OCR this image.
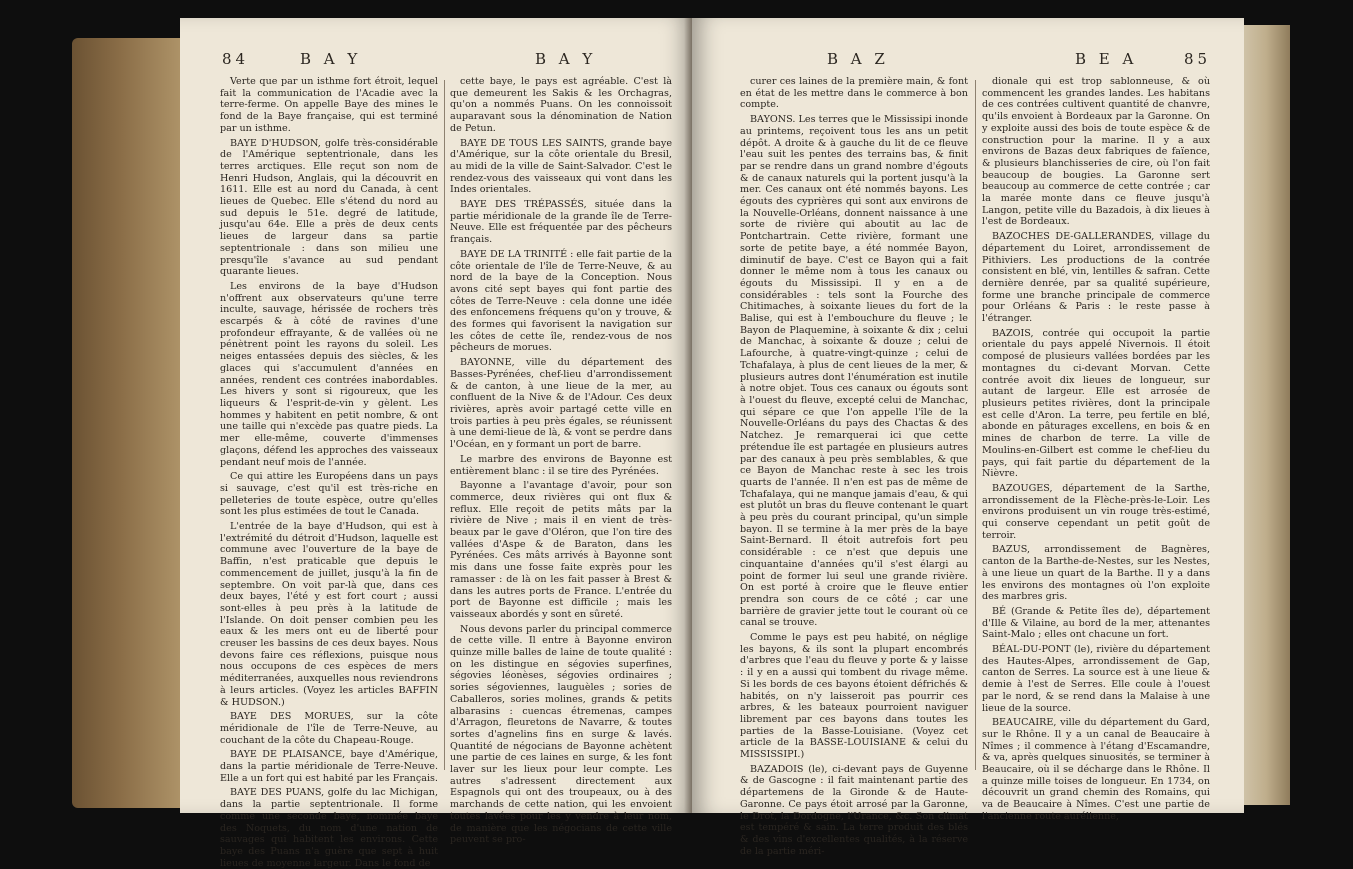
84	B A Y	B A Y

Verte que par un isthme fort étroit, lequel fait la communication de l'Acadie avec la terre-ferme. On appelle Baye des mines le fond de la Baye française, qui est terminé par un isthme.

BAYE D'HUDSON, golfe très-considérable de l'Amérique septentrionale, dans les terres arctiques. Elle reçut son nom de Henri Hudson, Anglais, qui la découvrit en 1611. Elle est au nord du Canada, à cent lieues de Quebec. Elle s'étend du nord au sud depuis le 51e. degré de latitude, jusqu'au 64e. Elle a près de deux cents lieues de largeur dans sa partie septentrionale : dans son milieu une presqu'île s'avance au sud pendant quarante lieues.

Les environs de la baye d'Hudson n'offrent aux observateurs qu'une terre inculte, sauvage, hérissée de rochers très escarpés & à côté de ravines d'une profondeur effrayante, & de vallées où ne pénètrent point les rayons du soleil. Les neiges entassées depuis des siècles, & les glaces qui s'accumulent d'années en années, rendent ces contrées inabordables. Les hivers y sont si rigoureux, que les liqueurs & l'esprit-de-vin y gèlent. Les hommes y habitent en petit nombre, & ont une taille qui n'excède pas quatre pieds. La mer elle-même, couverte d'immenses glaçons, défend les approches des vaisseaux pendant neuf mois de l'année.

Ce qui attire les Européens dans un pays si sauvage, c'est qu'il est très-riche en pelleteries de toute espèce, outre qu'elles sont les plus estimées de tout le Canada.

L'entrée de la baye d'Hudson, qui est à l'extrémité du détroit d'Hudson, laquelle est commune avec l'ouverture de la baye de Baffin, n'est praticable que depuis le commencement de juillet, jusqu'à la fin de septembre. On voit par-là que, dans ces deux bayes, l'été y est fort court ; aussi sont-elles à peu près à la latitude de l'Islande. On doit penser combien peu les eaux & les mers ont eu de liberté pour creuser les bassins de ces deux bayes. Nous devons faire ces réflexions, puisque nous nous occupons de ces espèces de mers méditerranées, auxquelles nous reviendrons à leurs articles. (Voyez les articles BAFFIN & HUDSON.)

BAYE DES MORUES, sur la côte méridionale de l'île de Terre-Neuve, au couchant de la côte du Chapeau-Rouge.

BAYE DE PLAISANCE, baye d'Amérique, dans la partie méridionale de Terre-Neuve. Elle a un fort qui est habité par les Français.

BAYE DES PUANS, golfe du lac Michigan, dans la partie septentrionale. Il forme comme une seconde baye, nommée baye des Noquets, du nom d'une nation de sauvages qui habitent les environs. Cette baye des Puans n'a guère que sept à huit lieues de moyenne largeur. Dans le fond de

cette baye, le pays est agréable. C'est là que demeurent les Sakis & les Orchagras, qu'on a nommés Puans. On les connoissoit auparavant sous la dénomination de Nation de Petun.

BAYE DE TOUS LES SAINTS, grande baye d'Amérique, sur la côte orientale du Bresil, au midi de la ville de Saint-Salvador. C'est le rendez-vous des vaisseaux qui vont dans les Indes orientales.

BAYE DES TRÉPASSÉS, située dans la partie méridionale de la grande île de Terre-Neuve. Elle est fréquentée par des pêcheurs français.

BAYE DE LA TRINITÉ : elle fait partie de la côte orientale de l'île de Terre-Neuve, & au nord de la baye de la Conception. Nous avons cité sept bayes qui font partie des côtes de Terre-Neuve : cela donne une idée des enfoncemens fréquens qu'on y trouve, & des formes qui favorisent la navigation sur les côtes de cette île, rendez-vous de nos pêcheurs de morues.

BAYONNE, ville du département des Basses-Pyrénées, chef-lieu d'arrondissement & de canton, à une lieue de la mer, au confluent de la Nive & de l'Adour. Ces deux rivières, après avoir partagé cette ville en trois parties à peu près égales, se réunissent à une demi-lieue de là, & vont se perdre dans l'Océan, en y formant un port de barre.

Le marbre des environs de Bayonne est entièrement blanc : il se tire des Pyrénées.

Bayonne a l'avantage d'avoir, pour son commerce, deux rivières qui ont flux & reflux. Elle reçoit de petits mâts par la rivière de Nive ; mais il en vient de très-beaux par le gave d'Oléron, que l'on tire des vallées d'Aspe & de Baraton, dans les Pyrénées. Ces mâts arrivés à Bayonne sont mis dans une fosse faite exprès pour les ramasser : de là on les fait passer à Brest & dans les autres ports de France. L'entrée du port de Bayonne est difficile ; mais les vaisseaux abordés y sont en sûreté.

Nous devons parler du principal commerce de cette ville. Il entre à Bayonne environ quinze mille balles de laine de toute qualité : on les distingue en ségovies superfines, ségovies léonèses, ségovies ordinaires ; sories ségoviennes, lauguèles ; sories de Caballeros, sories molines, grands & petits albarasins : cuencas étremenas, campes d'Arragon, fleuretons de Navarre, & toutes sortes d'agnelins fins en surge & lavés. Quantité de négocians de Bayonne achètent une partie de ces laines en surge, & les font laver sur les lieux pour leur compte. Les autres s'adressent directement aux Espagnols qui ont des troupeaux, ou à des marchands de cette nation, qui les envoient toutes lavées pour les y vendre à leur nom, de manière que les négocians de cette ville peuvent se pro-

B A Z	B E A	85

curer ces laines de la première main, & font en état de les mettre dans le commerce à bon compte.

BAYONS. Les terres que le Mississipi inonde au printems, reçoivent tous les ans un petit dépôt. A droite & à gauche du lit de ce fleuve l'eau suit les pentes des terrains bas, & finit par se rendre dans un grand nombre d'égouts & de canaux naturels qui la portent jusqu'à la mer. Ces canaux ont été nommés bayons. Les égouts des cyprières qui sont aux environs de la Nouvelle-Orléans, donnent naissance à une sorte de rivière qui aboutit au lac de Pontchartrain. Cette rivière, formant une sorte de petite baye, a été nommée Bayon, diminutif de baye. C'est ce Bayon qui a fait donner le même nom à tous les canaux ou égouts du Mississipi. Il y en a de considérables : tels sont la Fourche des Chitimaches, à soixante lieues du fort de la Balise, qui est à l'embouchure du fleuve ; le Bayon de Plaquemine, à soixante & dix ; celui de Manchac, à soixante & douze ; celui de Lafourche, à quatre-vingt-quinze ; celui de Tchafalaya, à plus de cent lieues de la mer, & plusieurs autres dont l'énumération est inutile à notre objet. Tous ces canaux ou égouts sont à l'ouest du fleuve, excepté celui de Manchac, qui sépare ce que l'on appelle l'île de la Nouvelle-Orléans du pays des Chactas & des Natchez. Je remarquerai ici que cette prétendue île est partagée en plusieurs autres par des canaux à peu près semblables, & que ce Bayon de Manchac reste à sec les trois quarts de l'année. Il n'en est pas de même de Tchafalaya, qui ne manque jamais d'eau, & qui est plutôt un bras du fleuve contenant le quart à peu près du courant principal, qu'un simple bayon. Il se termine à la mer près de la baye Saint-Bernard. Il étoit autrefois fort peu considérable : ce n'est que depuis une cinquantaine d'années qu'il s'est élargi au point de former lui seul une grande rivière. On est porté à croire que le fleuve entier prendra son cours de ce côté ; car une barrière de gravier jette tout le courant où ce canal se trouve.

Comme le pays est peu habité, on néglige les bayons, & ils sont la plupart encombrés d'arbres que l'eau du fleuve y porte & y laisse : il y en a aussi qui tombent du rivage même. Si les bords de ces bayons étoient défrichés & habités, on n'y laisseroit pas pourrir ces arbres, & les bateaux pourroient naviguer librement par ces bayons dans toutes les parties de la Basse-Louisiane. (Voyez cet article de la BASSE-LOUISIANE & celui du MISSISSIPI.)

BAZADOIS (le), ci-devant pays de Guyenne & de Gascogne : il fait maintenant partie des départemens de la Gironde & de Haute-Garonne. Ce pays étoit arrosé par la Garonne, le Drot, la Dordogne, l'Urance, &c. Son climat est tempéré & sain. La terre produit des blés & des vins d'excellentes qualités, à la réserve de la partie méri-

dionale qui est trop sablonneuse, & où commencent les grandes landes. Les habitans de ces contrées cultivent quantité de chanvre, qu'ils envoient à Bordeaux par la Garonne. On y exploite aussi des bois de toute espèce & de construction pour la marine. Il y a aux environs de Bazas deux fabriques de faïence, & plusieurs blanchisseries de cire, où l'on fait beaucoup de bougies. La Garonne sert beaucoup au commerce de cette contrée ; car la marée monte dans ce fleuve jusqu'à Langon, petite ville du Bazadois, à dix lieues à l'est de Bordeaux.

BAZOCHES DE-GALLERANDES, village du département du Loiret, arrondissement de Pithiviers. Les productions de la contrée consistent en blé, vin, lentilles & safran. Cette dernière denrée, par sa qualité supérieure, forme une branche principale de commerce pour Orléans & Paris : le reste passe à l'étranger.

BAZOIS, contrée qui occupoit la partie orientale du pays appelé Nivernois. Il étoit composé de plusieurs vallées bordées par les montagnes du ci-devant Morvan. Cette contrée avoit dix lieues de longueur, sur autant de largeur. Elle est arrosée de plusieurs petites rivières, dont la principale est celle d'Aron. La terre, peu fertile en blé, abonde en pâturages excellens, en bois & en mines de charbon de terre. La ville de Moulins-en-Gilbert est comme le chef-lieu du pays, qui fait partie du département de la Nièvre.

BAZOUGES, département de la Sarthe, arrondissement de la Flèche-près-le-Loir. Les environs produisent un vin rouge très-estimé, qui conserve cependant un petit goût de terroir.

BAZUS, arrondissement de Bagnères, canton de la Barthe-de-Nestes, sur les Nestes, à une lieue un quart de la Barthe. Il y a dans les environs des montagnes où l'on exploite des marbres gris.

BÉ (Grande & Petite îles de), département d'Ille & Vilaine, au bord de la mer, attenantes Saint-Malo ; elles ont chacune un fort.

BÉAL-DU-PONT (le), rivière du département des Hautes-Alpes, arrondissement de Gap, canton de Serres. La source est à une lieue & demie à l'est de Serres. Elle coule à l'ouest par le nord, & se rend dans la Malaise à une lieue de la source.

BEAUCAIRE, ville du département du Gard, sur le Rhône. Il y a un canal de Beaucaire à Nîmes ; il commence à l'étang d'Escamandre, & va, après quelques sinuosités, se terminer à Beaucaire, où il se décharge dans le Rhône. Il a quinze mille toises de longueur. En 1734, on découvrit un grand chemin des Romains, qui va de Beaucaire à Nîmes. C'est une partie de l'ancienne route aurélienne,
